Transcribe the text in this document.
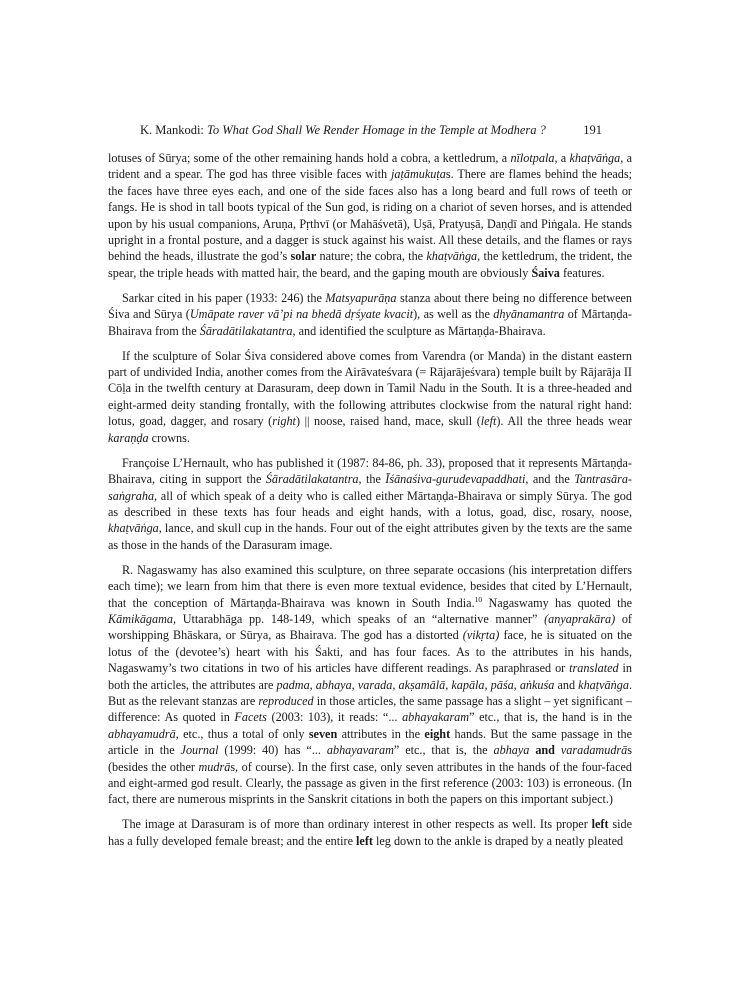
K. Mankodi: To What God Shall We Render Homage in the Temple at Modhera ?	191

lotuses of Sūrya; some of the other remaining hands hold a cobra, a kettledrum, a nīlotpala, a khaṭvāṅga, a trident and a spear. The god has three visible faces with jaṭāmukuṭas. There are flames behind the heads; the faces have three eyes each, and one of the side faces also has a long beard and full rows of teeth or fangs. He is shod in tall boots typical of the Sun god, is riding on a chariot of seven horses, and is attended upon by his usual companions, Aruṇa, Pṛthvī (or Mahāśvetā), Uṣā, Pratyuṣā, Daṇḍī and Piṅgala. He stands upright in a frontal posture, and a dagger is stuck against his waist. All these details, and the flames or rays behind the heads, illustrate the god’s solar nature; the cobra, the khaṭvāṅga, the kettledrum, the trident, the spear, the triple heads with matted hair, the beard, and the gaping mouth are obviously Śaiva features.

Sarkar cited in his paper (1933: 246) the Matsyapurāṇa stanza about there being no difference between Śiva and Sūrya (Umāpate raver vā’pi na bhedā dṛśyate kvacit), as well as the dhyānamantra of Mārtaṇḍa-Bhairava from the Śāradātilakatantra, and identified the sculpture as Mārtaṇḍa-Bhairava.

If the sculpture of Solar Śiva considered above comes from Varendra (or Manda) in the distant eastern part of undivided India, another comes from the Airāvateśvara (= Rājarājeśvara) temple built by Rājarāja II Cōḷa in the twelfth century at Darasuram, deep down in Tamil Nadu in the South. It is a three-headed and eight-armed deity standing frontally, with the following attributes clockwise from the natural right hand: lotus, goad, dagger, and rosary (right) || noose, raised hand, mace, skull (left). All the three heads wear karaṇḍa crowns.

Françoise L’Hernault, who has published it (1987: 84-86, ph. 33), proposed that it represents Mārtaṇḍa-Bhairava, citing in support the Śāradātilakatantra, the Īśānaśiva-gurudevapaddhati, and the Tantrasāra-saṅgraha, all of which speak of a deity who is called either Mārtaṇḍa-Bhairava or simply Sūrya. The god as described in these texts has four heads and eight hands, with a lotus, goad, disc, rosary, noose, khaṭvāṅga, lance, and skull cup in the hands. Four out of the eight attributes given by the texts are the same as those in the hands of the Darasuram image.

R. Nagaswamy has also examined this sculpture, on three separate occasions (his interpretation differs each time); we learn from him that there is even more textual evidence, besides that cited by L’Hernault, that the conception of Mārtaṇḍa-Bhairava was known in South India.$^{10}$ Nagaswamy has quoted the Kāmikāgama, Uttarabhāga pp. 148-149, which speaks of an “alternative manner” (anyaprakāra) of worshipping Bhāskara, or Sūrya, as Bhairava. The god has a distorted (vikṛta) face, he is situated on the lotus of the (devotee’s) heart with his Śakti, and has four faces. As to the attributes in his hands, Nagaswamy’s two citations in two of his articles have different readings. As paraphrased or translated in both the articles, the attributes are padma, abhaya, varada, akṣamālā, kapāla, pāśa, aṅkuśa and khaṭvāṅga. But as the relevant stanzas are reproduced in those articles, the same passage has a slight – yet significant – difference: As quoted in Facets (2003: 103), it reads: “... abhayakaram” etc., that is, the hand is in the abhayamudrā, etc., thus a total of only seven attributes in the eight hands. But the same passage in the article in the Journal (1999: 40) has “... abhayavaram” etc., that is, the abhaya and varadamudrās (besides the other mudrās, of course). In the first case, only seven attributes in the hands of the four-faced and eight-armed god result. Clearly, the passage as given in the first reference (2003: 103) is erroneous. (In fact, there are numerous misprints in the Sanskrit citations in both the papers on this important subject.)

The image at Darasuram is of more than ordinary interest in other respects as well. Its proper left side has a fully developed female breast; and the entire left leg down to the ankle is draped by a neatly pleated
